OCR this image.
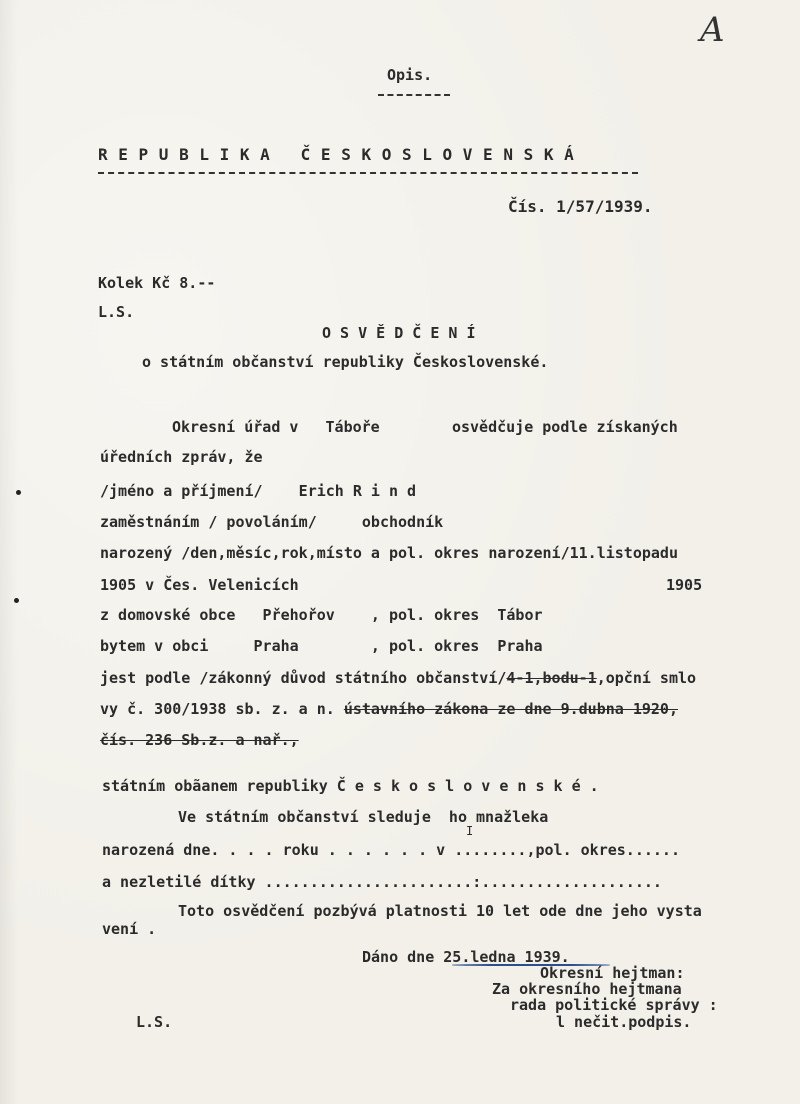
A
Opis.
R E P U B L I K A   Č E S K O S L O V E N S K Á
Čís. 1/57/1939.
Kolek Kč 8.--
L.S.
O S V Ě D Č E N Í
o státním občanství republiky Československé.
Okresní úřad v   Táboře        osvědčuje podle získaných
úředních zpráv, že
/jméno a příjmení/    Erich R i n d
zaměstnáním / povoláním/     obchodník
narozený /den,měsíc,rok,místo a pol. okres narození/11.listopadu
1905 v Čes. Velenicích	1905
z domovské obce   Přehořov    , pol. okres  Tábor
bytem v obci     Praha        , pol. okres  Praha
jest podle /zákonný důvod státního občanství/4-1,bodu-1,opční smlo
vy č. 300/1938 sb. z. a n. ústavního zákona ze dne 9.dubna 1920,
čís. 236 Sb.z. a nař.,
státním obãanem republiky Č e s k o s l o v e n s k é .
Ve státním občanství sleduje  ho mnažleka
I
narozená dne. . . . roku . . . . . . v ........,pol. okres......
a nezletilé dítky .......................:....................
Toto osvědčení pozbývá platnosti 10 let ode dne jeho vysta
vení .
Dáno dne 25.ledna 1939.
Okresní hejtman:
Za okresního hejtmana
rada politické správy :
l nečit.podpis.
L.S.
